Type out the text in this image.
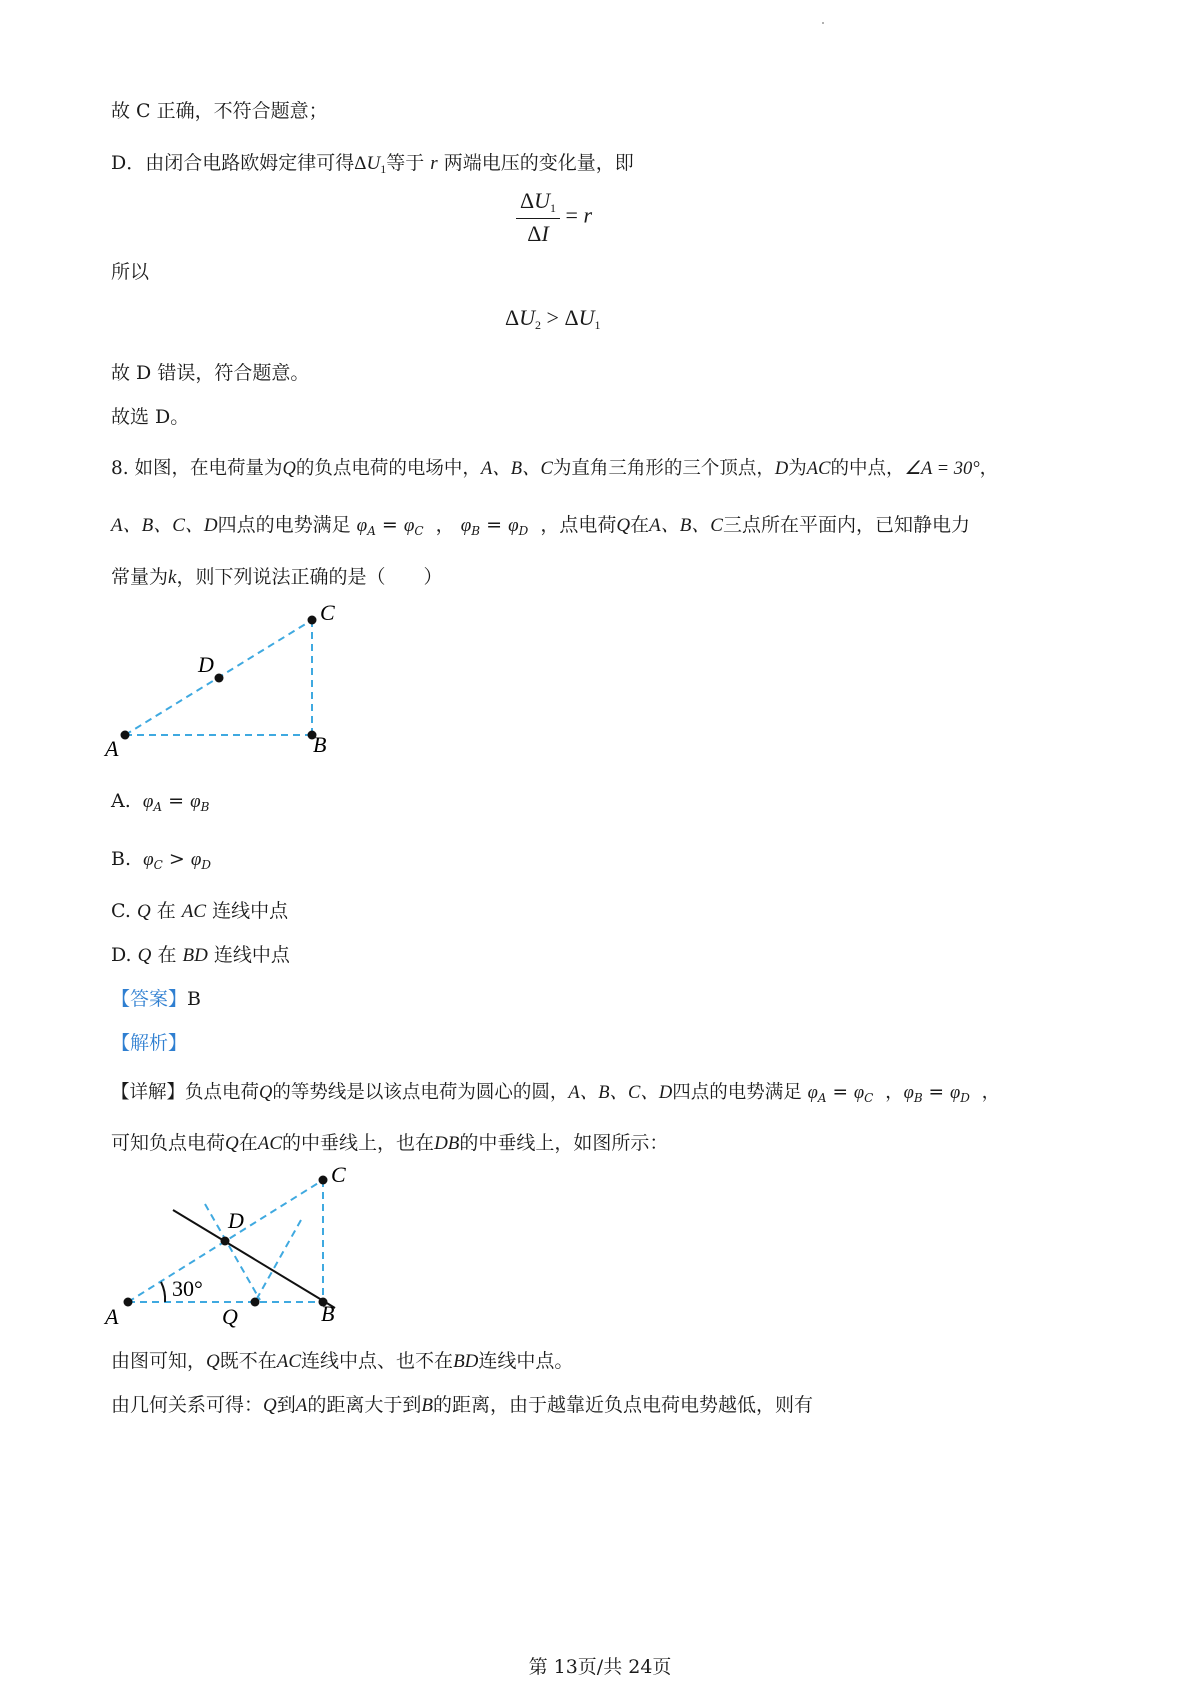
故 C 正确，不符合题意；
D．由闭合电路欧姆定律可得$\Delta U_1$等于 r 两端电压的变化量，即
$\frac{\Delta U1}{\Delta I} = r$
所以
ΔU2 > ΔU1
故 D 错误，符合题意。
故选 D。
8. 如图，在电荷量为Q的负点电荷的电场中，A、B、C为直角三角形的三个顶点，D为AC的中点，∠A = 30°，
A、B、C、D四点的电势满足 $\varphi_A = \varphi_C$ ， $\varphi_B = \varphi_D$ ，点电荷Q在A、B、C三点所在平面内，已知静电力
常量为k，则下列说法正确的是（　　）
A	B
C
D
A. $\varphi_A = \varphi_B$
B. $\varphi_C > \varphi_D$
C. Q 在 AC 连线中点
D. Q 在 BD 连线中点
【答案】B
【解析】
【详解】负点电荷Q的等势线是以该点电荷为圆心的圆，A、B、C、D四点的电势满足 $\varphi_A = \varphi_C$ ，$\varphi_B = \varphi_D$ ，
可知负点电荷Q在AC的中垂线上，也在DB的中垂线上，如图所示：
A	B
C
D
Q
30°
由图可知，Q既不在AC连线中点、也不在BD连线中点。
由几何关系可得：Q到A的距离大于到B的距离，由于越靠近负点电荷电势越低，则有
第 13页/共 24页
